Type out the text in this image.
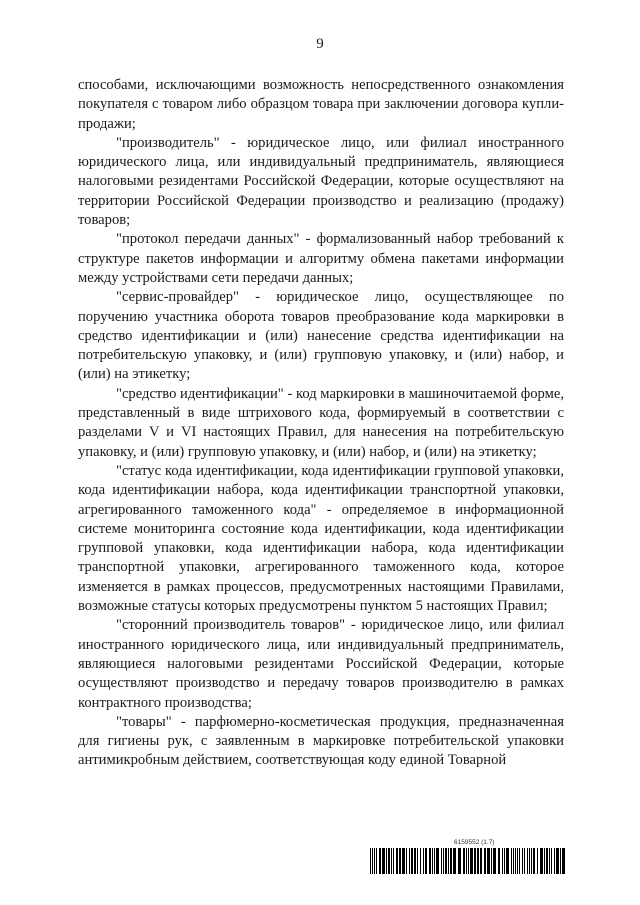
9

способами, исключающими возможность непосредственного ознакомления покупателя с товаром либо образцом товара при заключении договора купли-продажи;

"производитель" - юридическое лицо, или филиал иностранного юридического лица, или индивидуальный предприниматель, являющиеся налоговыми резидентами Российской Федерации, которые осуществляют на территории Российской Федерации производство и реализацию (продажу) товаров;

"протокол передачи данных" - формализованный набор требований к структуре пакетов информации и алгоритму обмена пакетами информации между устройствами сети передачи данных;

"сервис-провайдер" - юридическое лицо, осуществляющее по поручению участника оборота товаров преобразование кода маркировки в средство идентификации и (или) нанесение средства идентификации на потребительскую упаковку, и (или) групповую упаковку, и (или) набор, и (или) на этикетку;

"средство идентификации" - код маркировки в машиночитаемой форме, представленный в виде штрихового кода, формируемый в соответствии с разделами V и VI настоящих Правил, для нанесения на потребительскую упаковку, и (или) групповую упаковку, и (или) набор, и (или) на этикетку;

"статус кода идентификации, кода идентификации групповой упаковки, кода идентификации набора, кода идентификации транспортной упаковки, агрегированного таможенного кода" - определяемое в информационной системе мониторинга состояние кода идентификации, кода идентификации групповой упаковки, кода идентификации набора, кода идентификации транспортной упаковки, агрегированного таможенного кода, которое изменяется в рамках процессов, предусмотренных настоящими Правилами, возможные статусы которых предусмотрены пунктом 5 настоящих Правил;

"сторонний производитель товаров" - юридическое лицо, или филиал иностранного юридического лица, или индивидуальный предприниматель, являющиеся налоговыми резидентами Российской Федерации, которые осуществляют производство и передачу товаров производителю в рамках контрактного производства;

"товары" - парфюмерно-косметическая продукция, предназначенная для гигиены рук, с заявленным в маркировке потребительской упаковки антимикробным действием, соответствующая коду единой Товарной

6159552 (1.7)
